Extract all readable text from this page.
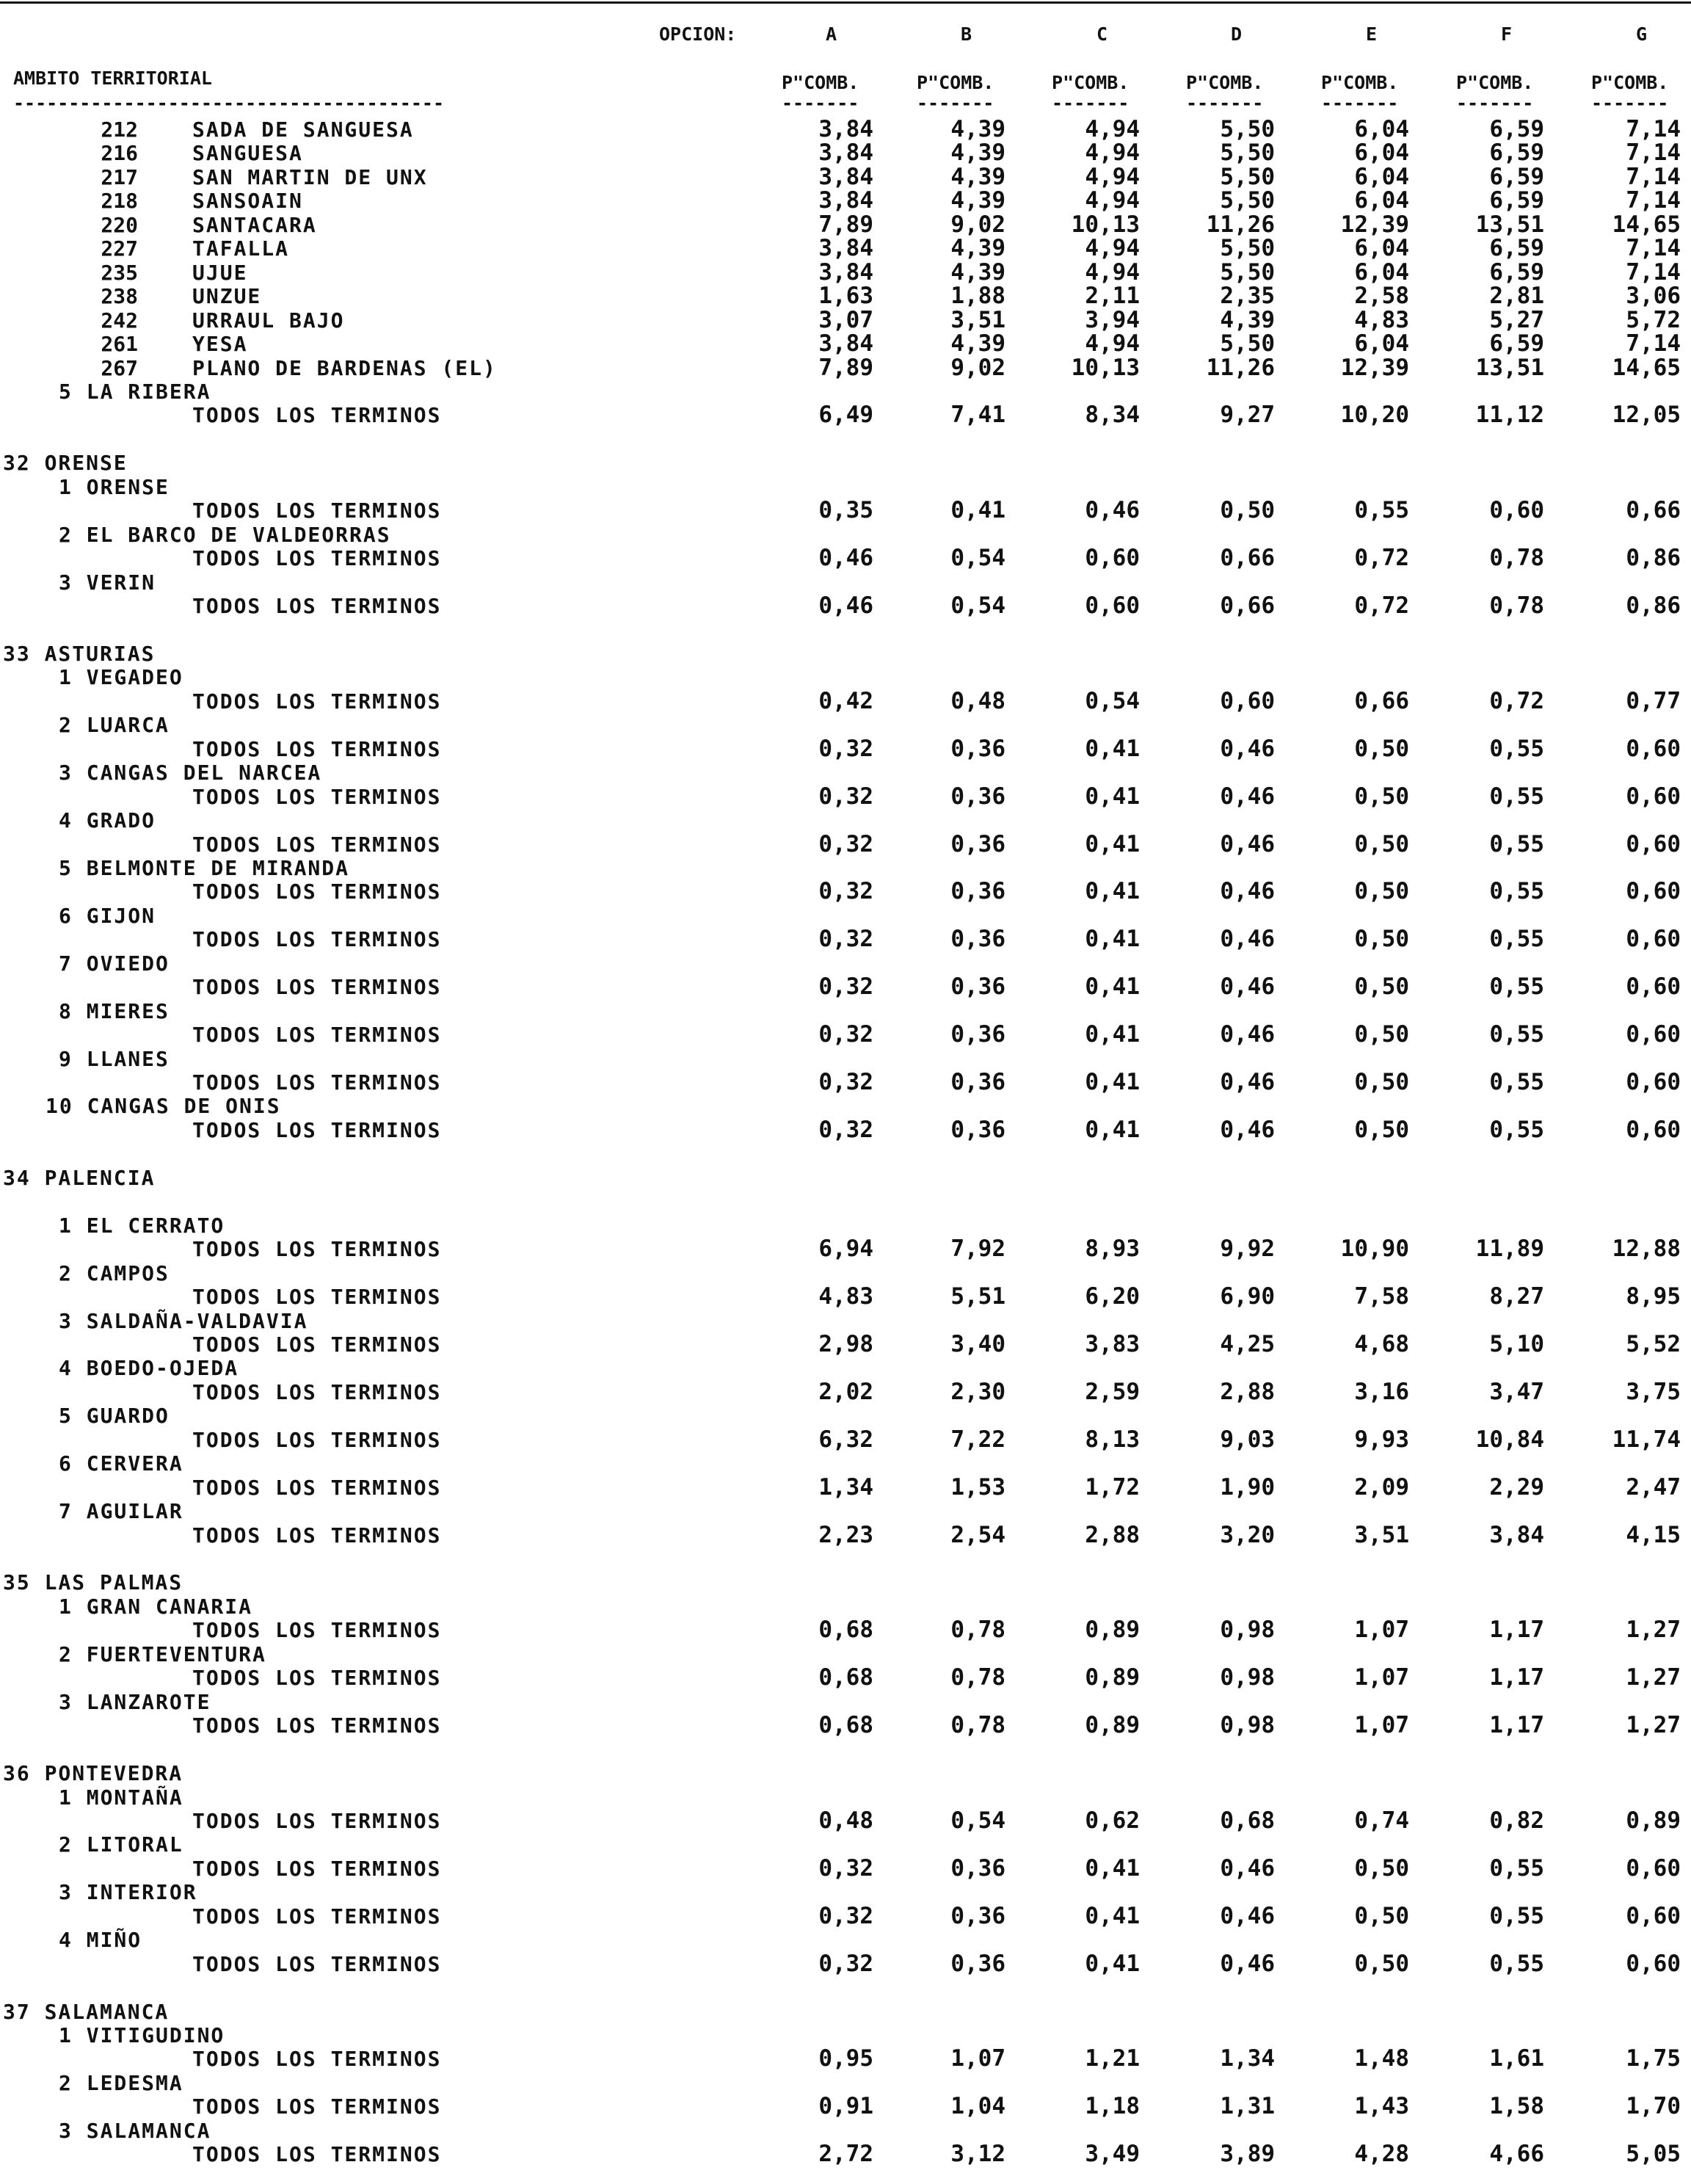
OPCION:	A	B	C	D	E	F	G
AMBITO TERRITORIAL
---------------------------------------
P"COMB.	P"COMB.	P"COMB.	P"COMB.	P"COMB.	P"COMB.	P"COMB.
-------	-------	-------	-------	-------	-------	-------
212	SADA DE SANGUESA	3,84	4,39	4,94	5,50	6,04	6,59	7,14
216	SANGUESA	3,84	4,39	4,94	5,50	6,04	6,59	7,14
217	SAN MARTIN DE UNX	3,84	4,39	4,94	5,50	6,04	6,59	7,14
218	SANSOAIN	3,84	4,39	4,94	5,50	6,04	6,59	7,14
220	SANTACARA	7,89	9,02	10,13	11,26	12,39	13,51	14,65
227	TAFALLA	3,84	4,39	4,94	5,50	6,04	6,59	7,14
235	UJUE	3,84	4,39	4,94	5,50	6,04	6,59	7,14
238	UNZUE	1,63	1,88	2,11	2,35	2,58	2,81	3,06
242	URRAUL BAJO	3,07	3,51	3,94	4,39	4,83	5,27	5,72
261	YESA	3,84	4,39	4,94	5,50	6,04	6,59	7,14
267	PLANO DE BARDENAS (EL)	7,89	9,02	10,13	11,26	12,39	13,51	14,65
5 LA RIBERA
TODOS LOS TERMINOS	6,49	7,41	8,34	9,27	10,20	11,12	12,05
32 ORENSE
1 ORENSE
TODOS LOS TERMINOS	0,35	0,41	0,46	0,50	0,55	0,60	0,66
2 EL BARCO DE VALDEORRAS
TODOS LOS TERMINOS	0,46	0,54	0,60	0,66	0,72	0,78	0,86
3 VERIN
TODOS LOS TERMINOS	0,46	0,54	0,60	0,66	0,72	0,78	0,86
33 ASTURIAS
1 VEGADEO
TODOS LOS TERMINOS	0,42	0,48	0,54	0,60	0,66	0,72	0,77
2 LUARCA
TODOS LOS TERMINOS	0,32	0,36	0,41	0,46	0,50	0,55	0,60
3 CANGAS DEL NARCEA
TODOS LOS TERMINOS	0,32	0,36	0,41	0,46	0,50	0,55	0,60
4 GRADO
TODOS LOS TERMINOS	0,32	0,36	0,41	0,46	0,50	0,55	0,60
5 BELMONTE DE MIRANDA
TODOS LOS TERMINOS	0,32	0,36	0,41	0,46	0,50	0,55	0,60
6 GIJON
TODOS LOS TERMINOS	0,32	0,36	0,41	0,46	0,50	0,55	0,60
7 OVIEDO
TODOS LOS TERMINOS	0,32	0,36	0,41	0,46	0,50	0,55	0,60
8 MIERES
TODOS LOS TERMINOS	0,32	0,36	0,41	0,46	0,50	0,55	0,60
9 LLANES
TODOS LOS TERMINOS	0,32	0,36	0,41	0,46	0,50	0,55	0,60
10 CANGAS DE ONIS
TODOS LOS TERMINOS	0,32	0,36	0,41	0,46	0,50	0,55	0,60
34 PALENCIA
1 EL CERRATO
TODOS LOS TERMINOS	6,94	7,92	8,93	9,92	10,90	11,89	12,88
2 CAMPOS
TODOS LOS TERMINOS	4,83	5,51	6,20	6,90	7,58	8,27	8,95
3 SALDAÑA-VALDAVIA
TODOS LOS TERMINOS	2,98	3,40	3,83	4,25	4,68	5,10	5,52
4 BOEDO-OJEDA
TODOS LOS TERMINOS	2,02	2,30	2,59	2,88	3,16	3,47	3,75
5 GUARDO
TODOS LOS TERMINOS	6,32	7,22	8,13	9,03	9,93	10,84	11,74
6 CERVERA
TODOS LOS TERMINOS	1,34	1,53	1,72	1,90	2,09	2,29	2,47
7 AGUILAR
TODOS LOS TERMINOS	2,23	2,54	2,88	3,20	3,51	3,84	4,15
35 LAS PALMAS
1 GRAN CANARIA
TODOS LOS TERMINOS	0,68	0,78	0,89	0,98	1,07	1,17	1,27
2 FUERTEVENTURA
TODOS LOS TERMINOS	0,68	0,78	0,89	0,98	1,07	1,17	1,27
3 LANZAROTE
TODOS LOS TERMINOS	0,68	0,78	0,89	0,98	1,07	1,17	1,27
36 PONTEVEDRA
1 MONTAÑA
TODOS LOS TERMINOS	0,48	0,54	0,62	0,68	0,74	0,82	0,89
2 LITORAL
TODOS LOS TERMINOS	0,32	0,36	0,41	0,46	0,50	0,55	0,60
3 INTERIOR
TODOS LOS TERMINOS	0,32	0,36	0,41	0,46	0,50	0,55	0,60
4 MIÑO
TODOS LOS TERMINOS	0,32	0,36	0,41	0,46	0,50	0,55	0,60
37 SALAMANCA
1 VITIGUDINO
TODOS LOS TERMINOS	0,95	1,07	1,21	1,34	1,48	1,61	1,75
2 LEDESMA
TODOS LOS TERMINOS	0,91	1,04	1,18	1,31	1,43	1,58	1,70
3 SALAMANCA
TODOS LOS TERMINOS	2,72	3,12	3,49	3,89	4,28	4,66	5,05
